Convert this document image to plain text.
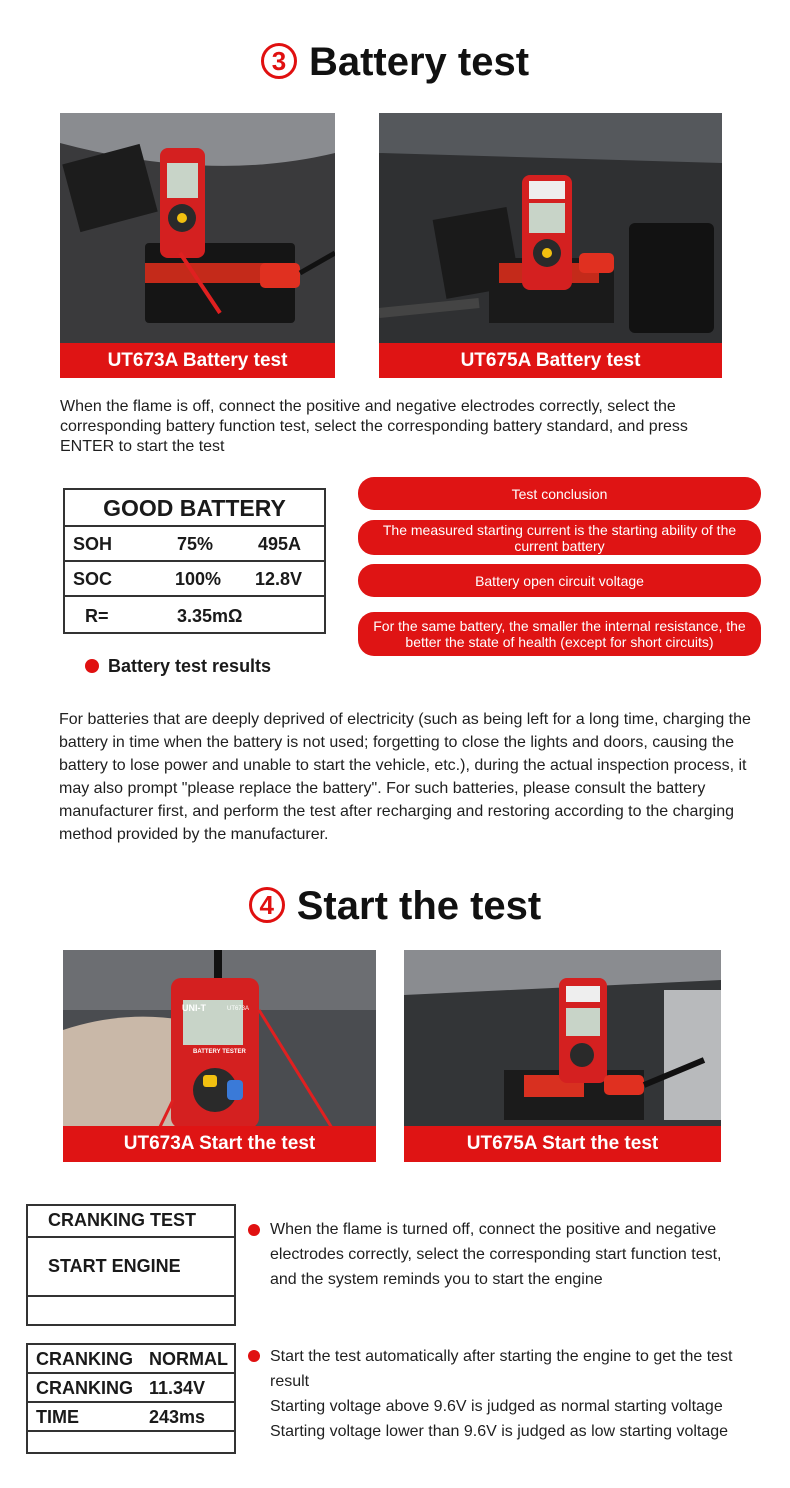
3 Battery test
UT673A Battery test	UT675A Battery test
When the flame is off, connect the positive and negative electrodes correctly, select the corresponding battery function test, select the corresponding battery standard, and press ENTER to start the test
GOOD BATTERY
SOH	75% 495A
SOC	100% 12.8V
R=	3.35mΩ
Test conclusion
The measured starting current is the starting ability of the current battery
Battery open circuit voltage
For the same battery, the smaller the internal resistance, the better the state of health (except for short circuits)
Battery test results
For batteries that are deeply deprived of electricity (such as being left for a long time, charging the battery in time when the battery is not used; forgetting to close the lights and doors, causing the battery to lose power and unable to start the vehicle, etc.), during the actual inspection process, it may also prompt "please replace the battery". For such batteries, please consult the battery manufacturer first, and perform the test after recharging and restoring according to the charging method provided by the manufacturer.
4 Start the test
UNI-T	UT673A
BATTERY TESTER
UT673A Start the test	UT675A Start the test
CRANKING TEST
START ENGINE
When the flame is turned off, connect the positive and negative electrodes correctly, select the corresponding start function test, and the system reminds you to start the engine
CRANKING NORMAL
CRANKING 11.34V
TIME	243ms
Start the test automatically after starting the engine to get the test result
Starting voltage above 9.6V is judged as normal starting voltage
Starting voltage lower than 9.6V is judged as low starting voltage
